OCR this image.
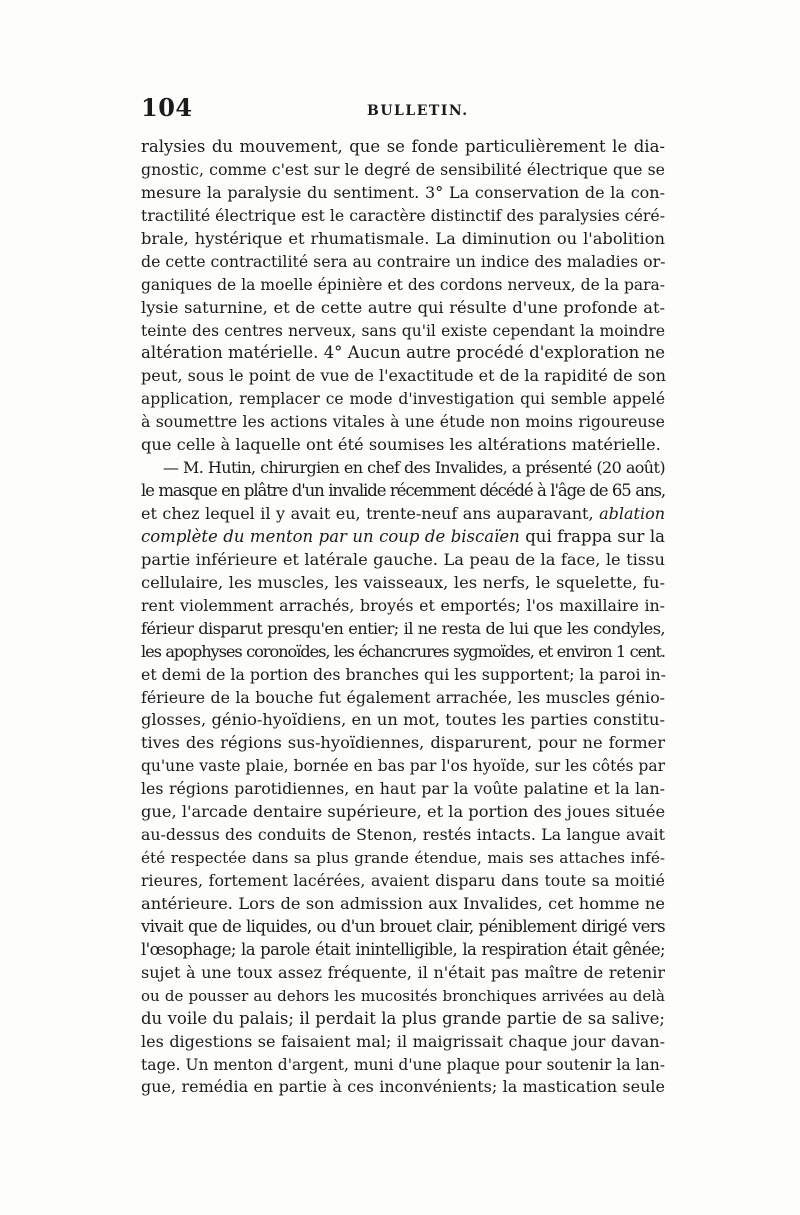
104	BULLETIN.
ralysies du mouvement, que se fonde particulièrement le dia-
gnostic, comme c'est sur le degré de sensibilité électrique que se
mesure la paralysie du sentiment. 3° La conservation de la con-
tractilité électrique est le caractère distinctif des paralysies céré-
brale, hystérique et rhumatismale. La diminution ou l'abolition
de cette contractilité sera au contraire un indice des maladies or-
ganiques de la moelle épinière et des cordons nerveux, de la para-
lysie saturnine, et de cette autre qui résulte d'une profonde at-
teinte des centres nerveux, sans qu'il existe cependant la moindre
altération matérielle. 4° Aucun autre procédé d'exploration ne
peut, sous le point de vue de l'exactitude et de la rapidité de son
application, remplacer ce mode d'investigation qui semble appelé
à soumettre les actions vitales à une étude non moins rigoureuse
que celle à laquelle ont été soumises les altérations matérielle.
— M. Hutin, chirurgien en chef des Invalides, a présenté (20 août)
le masque en plâtre d'un invalide récemment décédé à l'âge de 65 ans,
et chez lequel il y avait eu, trente-neuf ans auparavant, ablation
complète du menton par un coup de biscaïen qui frappa sur la
partie inférieure et latérale gauche. La peau de la face, le tissu
cellulaire, les muscles, les vaisseaux, les nerfs, le squelette, fu-
rent violemment arrachés, broyés et emportés; l'os maxillaire in-
férieur disparut presqu'en entier; il ne resta de lui que les condyles,
les apophyses coronoïdes, les échancrures sygmoïdes, et environ 1 cent.
et demi de la portion des branches qui les supportent; la paroi in-
férieure de la bouche fut également arrachée, les muscles génio-
glosses, génio-hyoïdiens, en un mot, toutes les parties constitu-
tives des régions sus-hyoïdiennes, disparurent, pour ne former
qu'une vaste plaie, bornée en bas par l'os hyoïde, sur les côtés par
les régions parotidiennes, en haut par la voûte palatine et la lan-
gue, l'arcade dentaire supérieure, et la portion des joues située
au-dessus des conduits de Stenon, restés intacts. La langue avait
été respectée dans sa plus grande étendue, mais ses attaches infé-
rieures, fortement lacérées, avaient disparu dans toute sa moitié
antérieure. Lors de son admission aux Invalides, cet homme ne
vivait que de liquides, ou d'un brouet clair, péniblement dirigé vers
l'œsophage; la parole était inintelligible, la respiration était gênée;
sujet à une toux assez fréquente, il n'était pas maître de retenir
ou de pousser au dehors les mucosités bronchiques arrivées au delà
du voile du palais; il perdait la plus grande partie de sa salive;
les digestions se faisaient mal; il maigrissait chaque jour davan-
tage. Un menton d'argent, muni d'une plaque pour soutenir la lan-
gue, remédia en partie à ces inconvénients; la mastication seule
